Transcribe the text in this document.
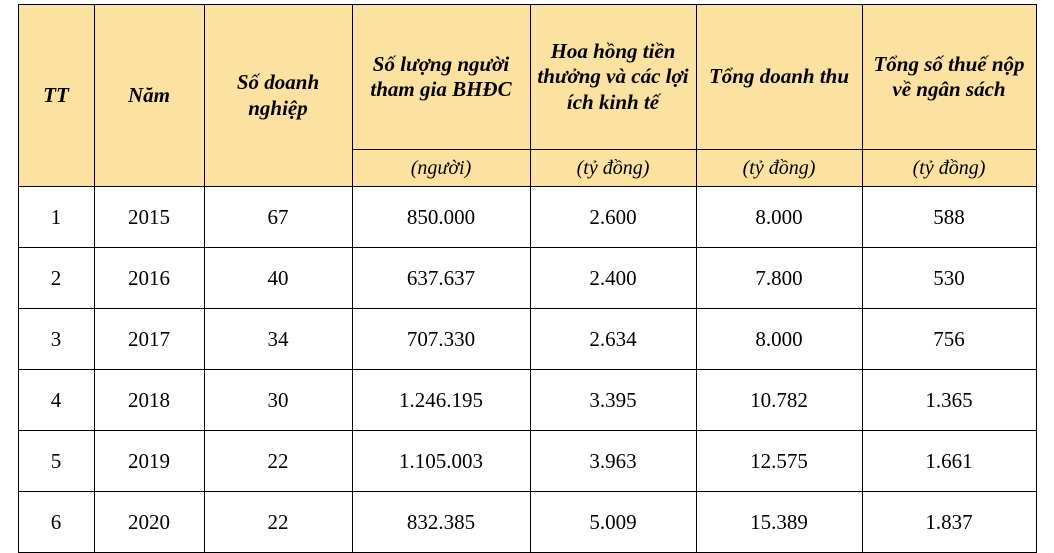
TT	Năm	Số doanh nghiệp	Số lượng người tham gia BHĐC	Hoa hồng tiền thưởng và các lợi ích kinh tế	Tổng doanh thu	Tổng số thuế nộp về ngân sách
			(người)	(tỷ đồng)	(tỷ đồng)	(tỷ đồng)
1	2015	67	850.000	2.600	8.000	588
2	2016	40	637.637	2.400	7.800	530
3	2017	34	707.330	2.634	8.000	756
4	2018	30	1.246.195	3.395	10.782	1.365
5	2019	22	1.105.003	3.963	12.575	1.661
6	2020	22	832.385	5.009	15.389	1.837
